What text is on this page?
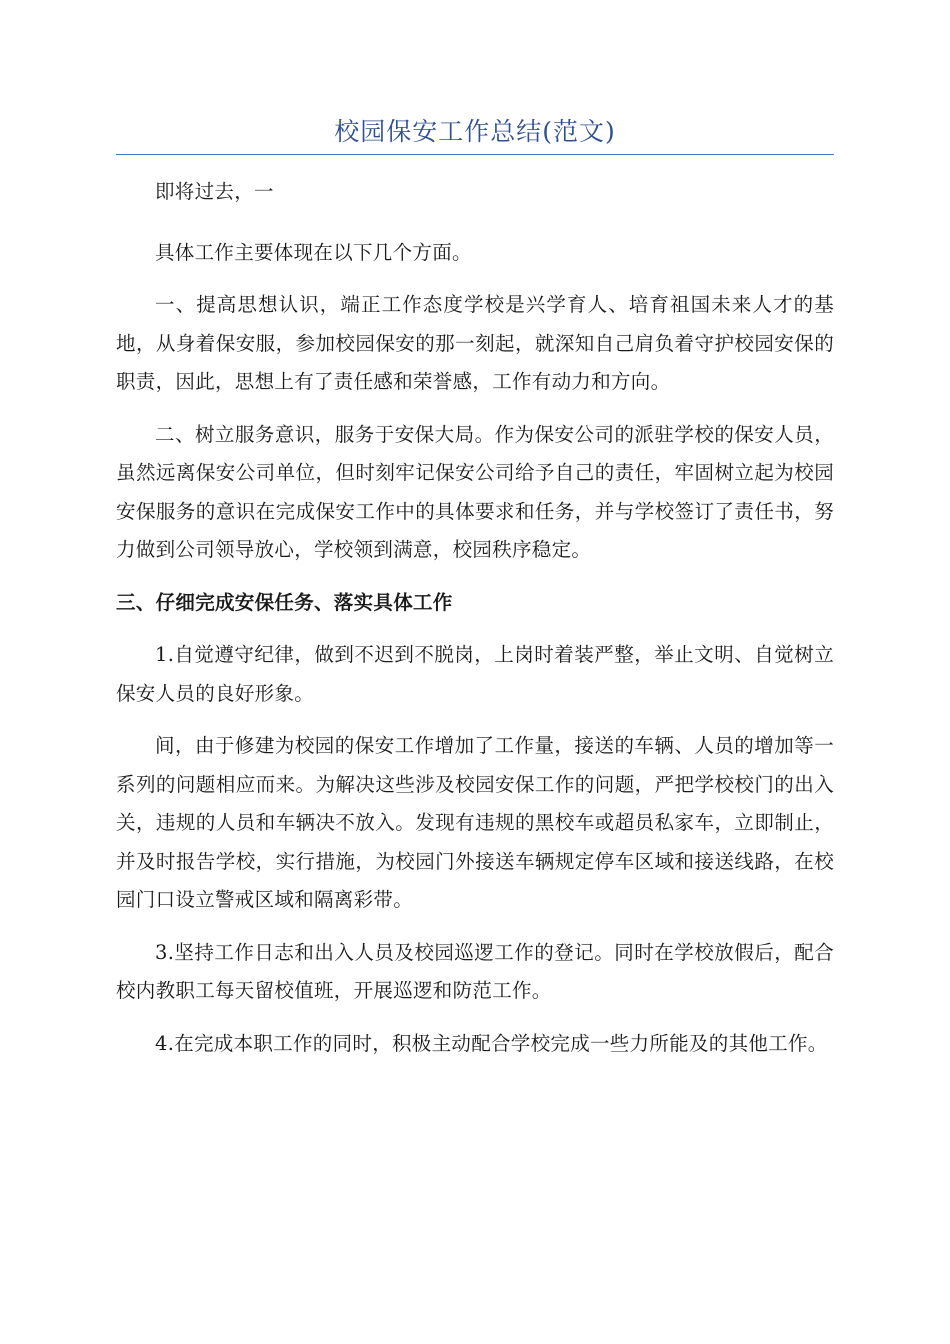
校园保安工作总结(范文)

即将过去，一

具体工作主要体现在以下几个方面。

一、提高思想认识，端正工作态度学校是兴学育人、培育祖国未来人才的基地，从身着保安服，参加校园保安的那一刻起，就深知自己肩负着守护校园安保的职责，因此，思想上有了责任感和荣誉感，工作有动力和方向。

二、树立服务意识，服务于安保大局。作为保安公司的派驻学校的保安人员，虽然远离保安公司单位，但时刻牢记保安公司给予自己的责任，牢固树立起为校园安保服务的意识在完成保安工作中的具体要求和任务，并与学校签订了责任书，努力做到公司领导放心，学校领到满意，校园秩序稳定。

三、仔细完成安保任务、落实具体工作

1.自觉遵守纪律，做到不迟到不脱岗，上岗时着装严整，举止文明、自觉树立保安人员的良好形象。

间，由于修建为校园的保安工作增加了工作量，接送的车辆、人员的增加等一系列的问题相应而来。为解决这些涉及校园安保工作的问题，严把学校校门的出入关，违规的人员和车辆决不放入。发现有违规的黑校车或超员私家车，立即制止，并及时报告学校，实行措施，为校园门外接送车辆规定停车区域和接送线路，在校园门口设立警戒区域和隔离彩带。

3.坚持工作日志和出入人员及校园巡逻工作的登记。同时在学校放假后，配合校内教职工每天留校值班，开展巡逻和防范工作。

4.在完成本职工作的同时，积极主动配合学校完成一些力所能及的其他工作。
